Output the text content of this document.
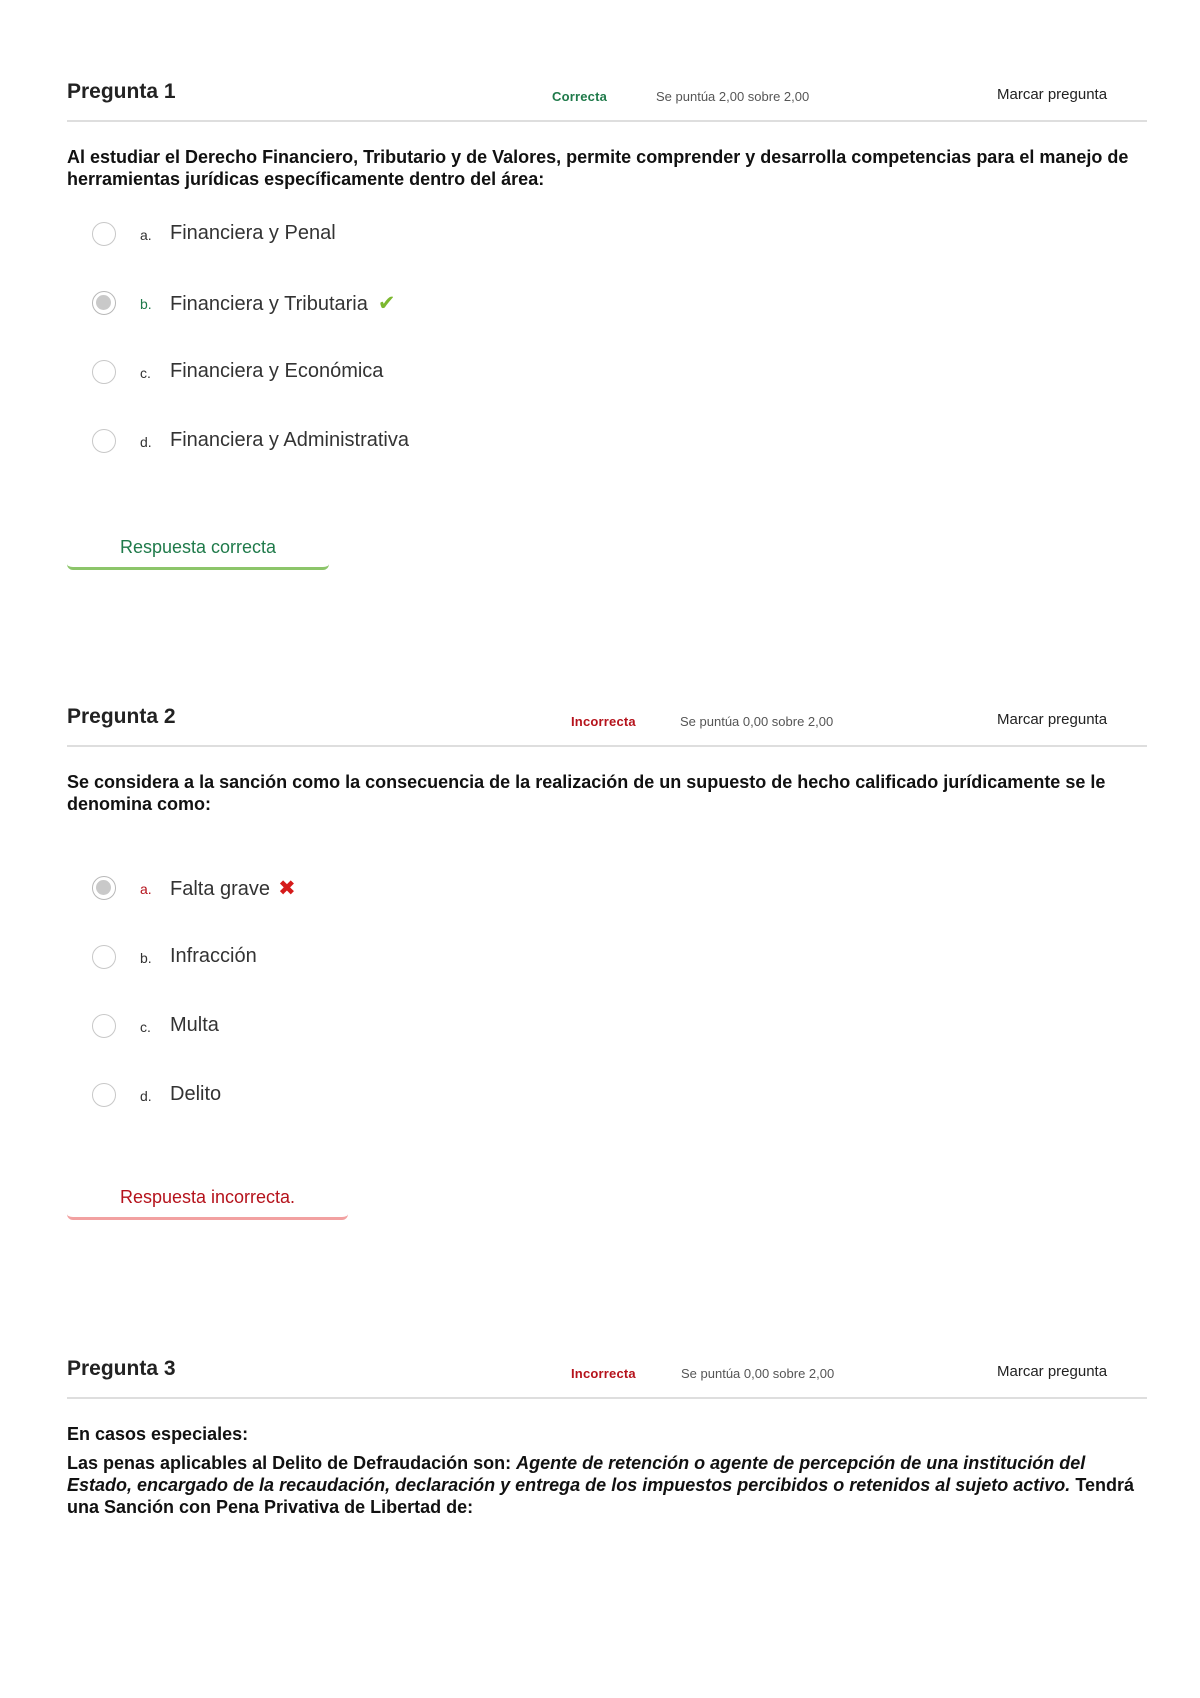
Pregunta 1	Correcta	Se puntúa 2,00 sobre 2,00	Marcar pregunta

Al estudiar el Derecho Financiero, Tributario y de Valores, permite comprender y desarrolla competencias para el manejo de herramientas jurídicas específicamente dentro del área:

a. Financiera y Penal
b. Financiera y Tributaria ✔
c. Financiera y Económica
d. Financiera y Administrativa
Respuesta correcta
Pregunta 2	Incorrecta	Se puntúa 0,00 sobre 2,00	Marcar pregunta

Se considera a la sanción como la consecuencia de la realización de un supuesto de hecho calificado jurídicamente se le denomina como:

a. Falta grave ✖
b. Infracción
c. Multa
d. Delito
Respuesta incorrecta.
Pregunta 3	Incorrecta	Se puntúa 0,00 sobre 2,00	Marcar pregunta

En casos especiales:

Las penas aplicables al Delito de Defraudación son: Agente de retención o agente de percepción de una institución del Estado, encargado de la recaudación, declaración y entrega de los impuestos percibidos o retenidos al sujeto activo. Tendrá una Sanción con Pena Privativa de Libertad de:
